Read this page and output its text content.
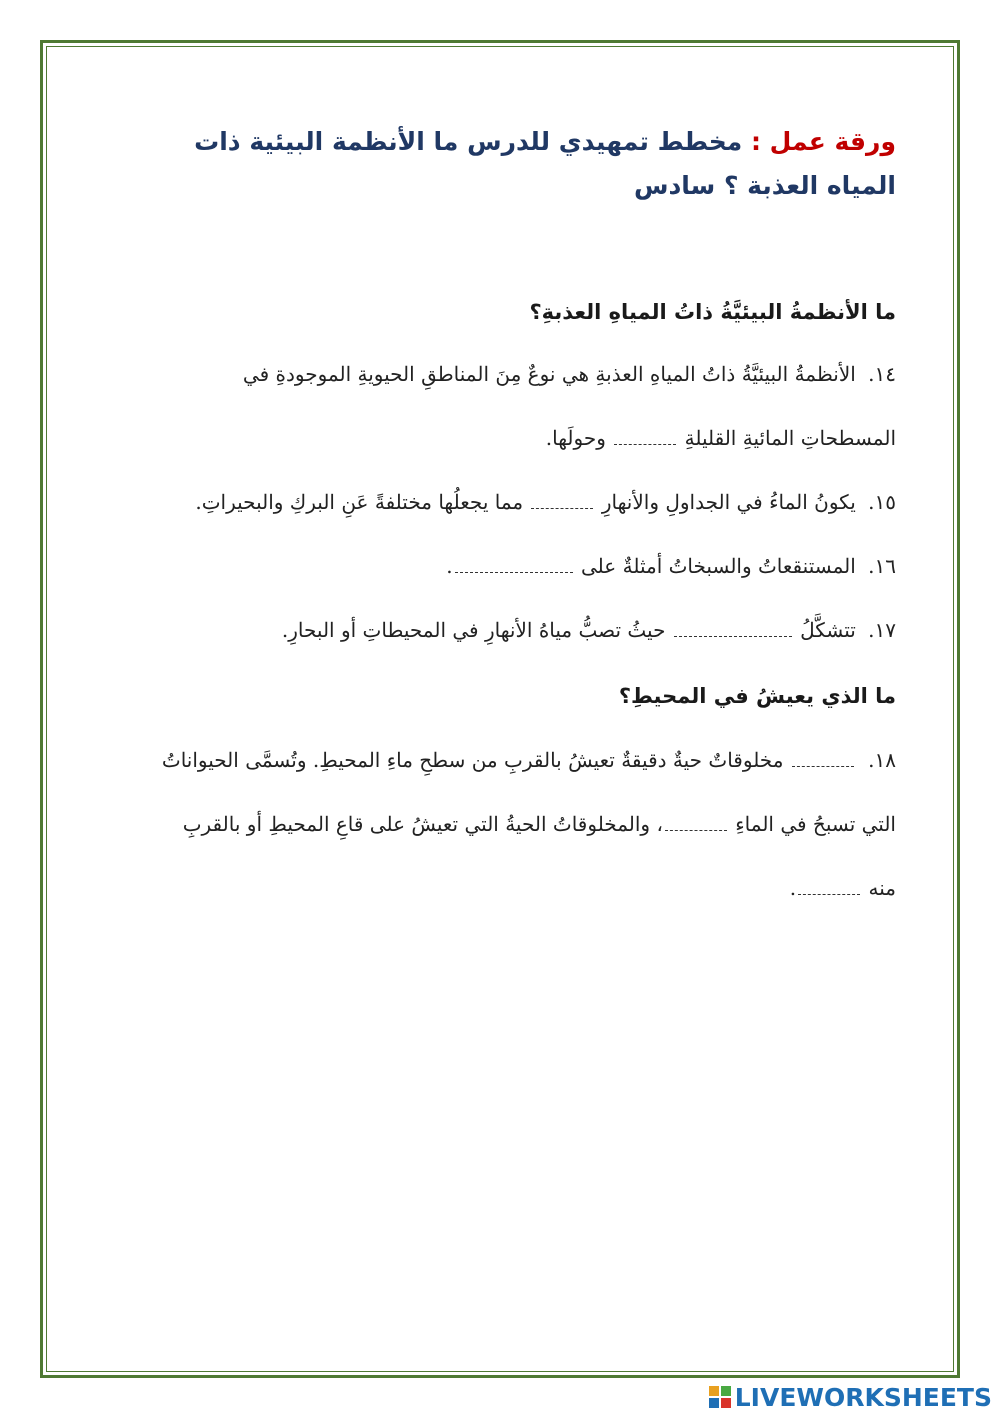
ورقة عمل : مخطط تمهيدي للدرس ما الأنظمة البيئية ذات المياه العذبة ؟ سادس
ما الأنظمةُ البيئيَّةُ ذاتُ المياهِ العذبةِ؟
١٤. الأنظمةُ البيئيَّةُ ذاتُ المياهِ العذبةِ هي نوعٌ مِنَ المناطقِ الحيويةِ الموجودةِ في المسطحاتِ المائيةِ القليلةِ  وحولَها.
١٥. يكونُ الماءُ في الجداولِ والأنهارِ  مما يجعلُها مختلفةً عَنِ البركِ والبحيراتِ.
١٦. المستنقعاتُ والسبخاتُ أمثلةٌ على .
١٧. تتشكَّلُ  حيثُ تصبُّ مياهُ الأنهارِ في المحيطاتِ أو البحارِ.
ما الذي يعيشُ في المحيطِ؟
١٨.  مخلوقاتٌ حيةٌ دقيقةٌ تعيشُ بالقربِ من سطحِ ماءِ المحيطِ. وتُسمَّى الحيواناتُ التي تسبحُ في الماءِ ، والمخلوقاتُ الحيةُ التي تعيشُ على قاعِ المحيطِ أو بالقربِ منه .
LIVEWORKSHEETS
